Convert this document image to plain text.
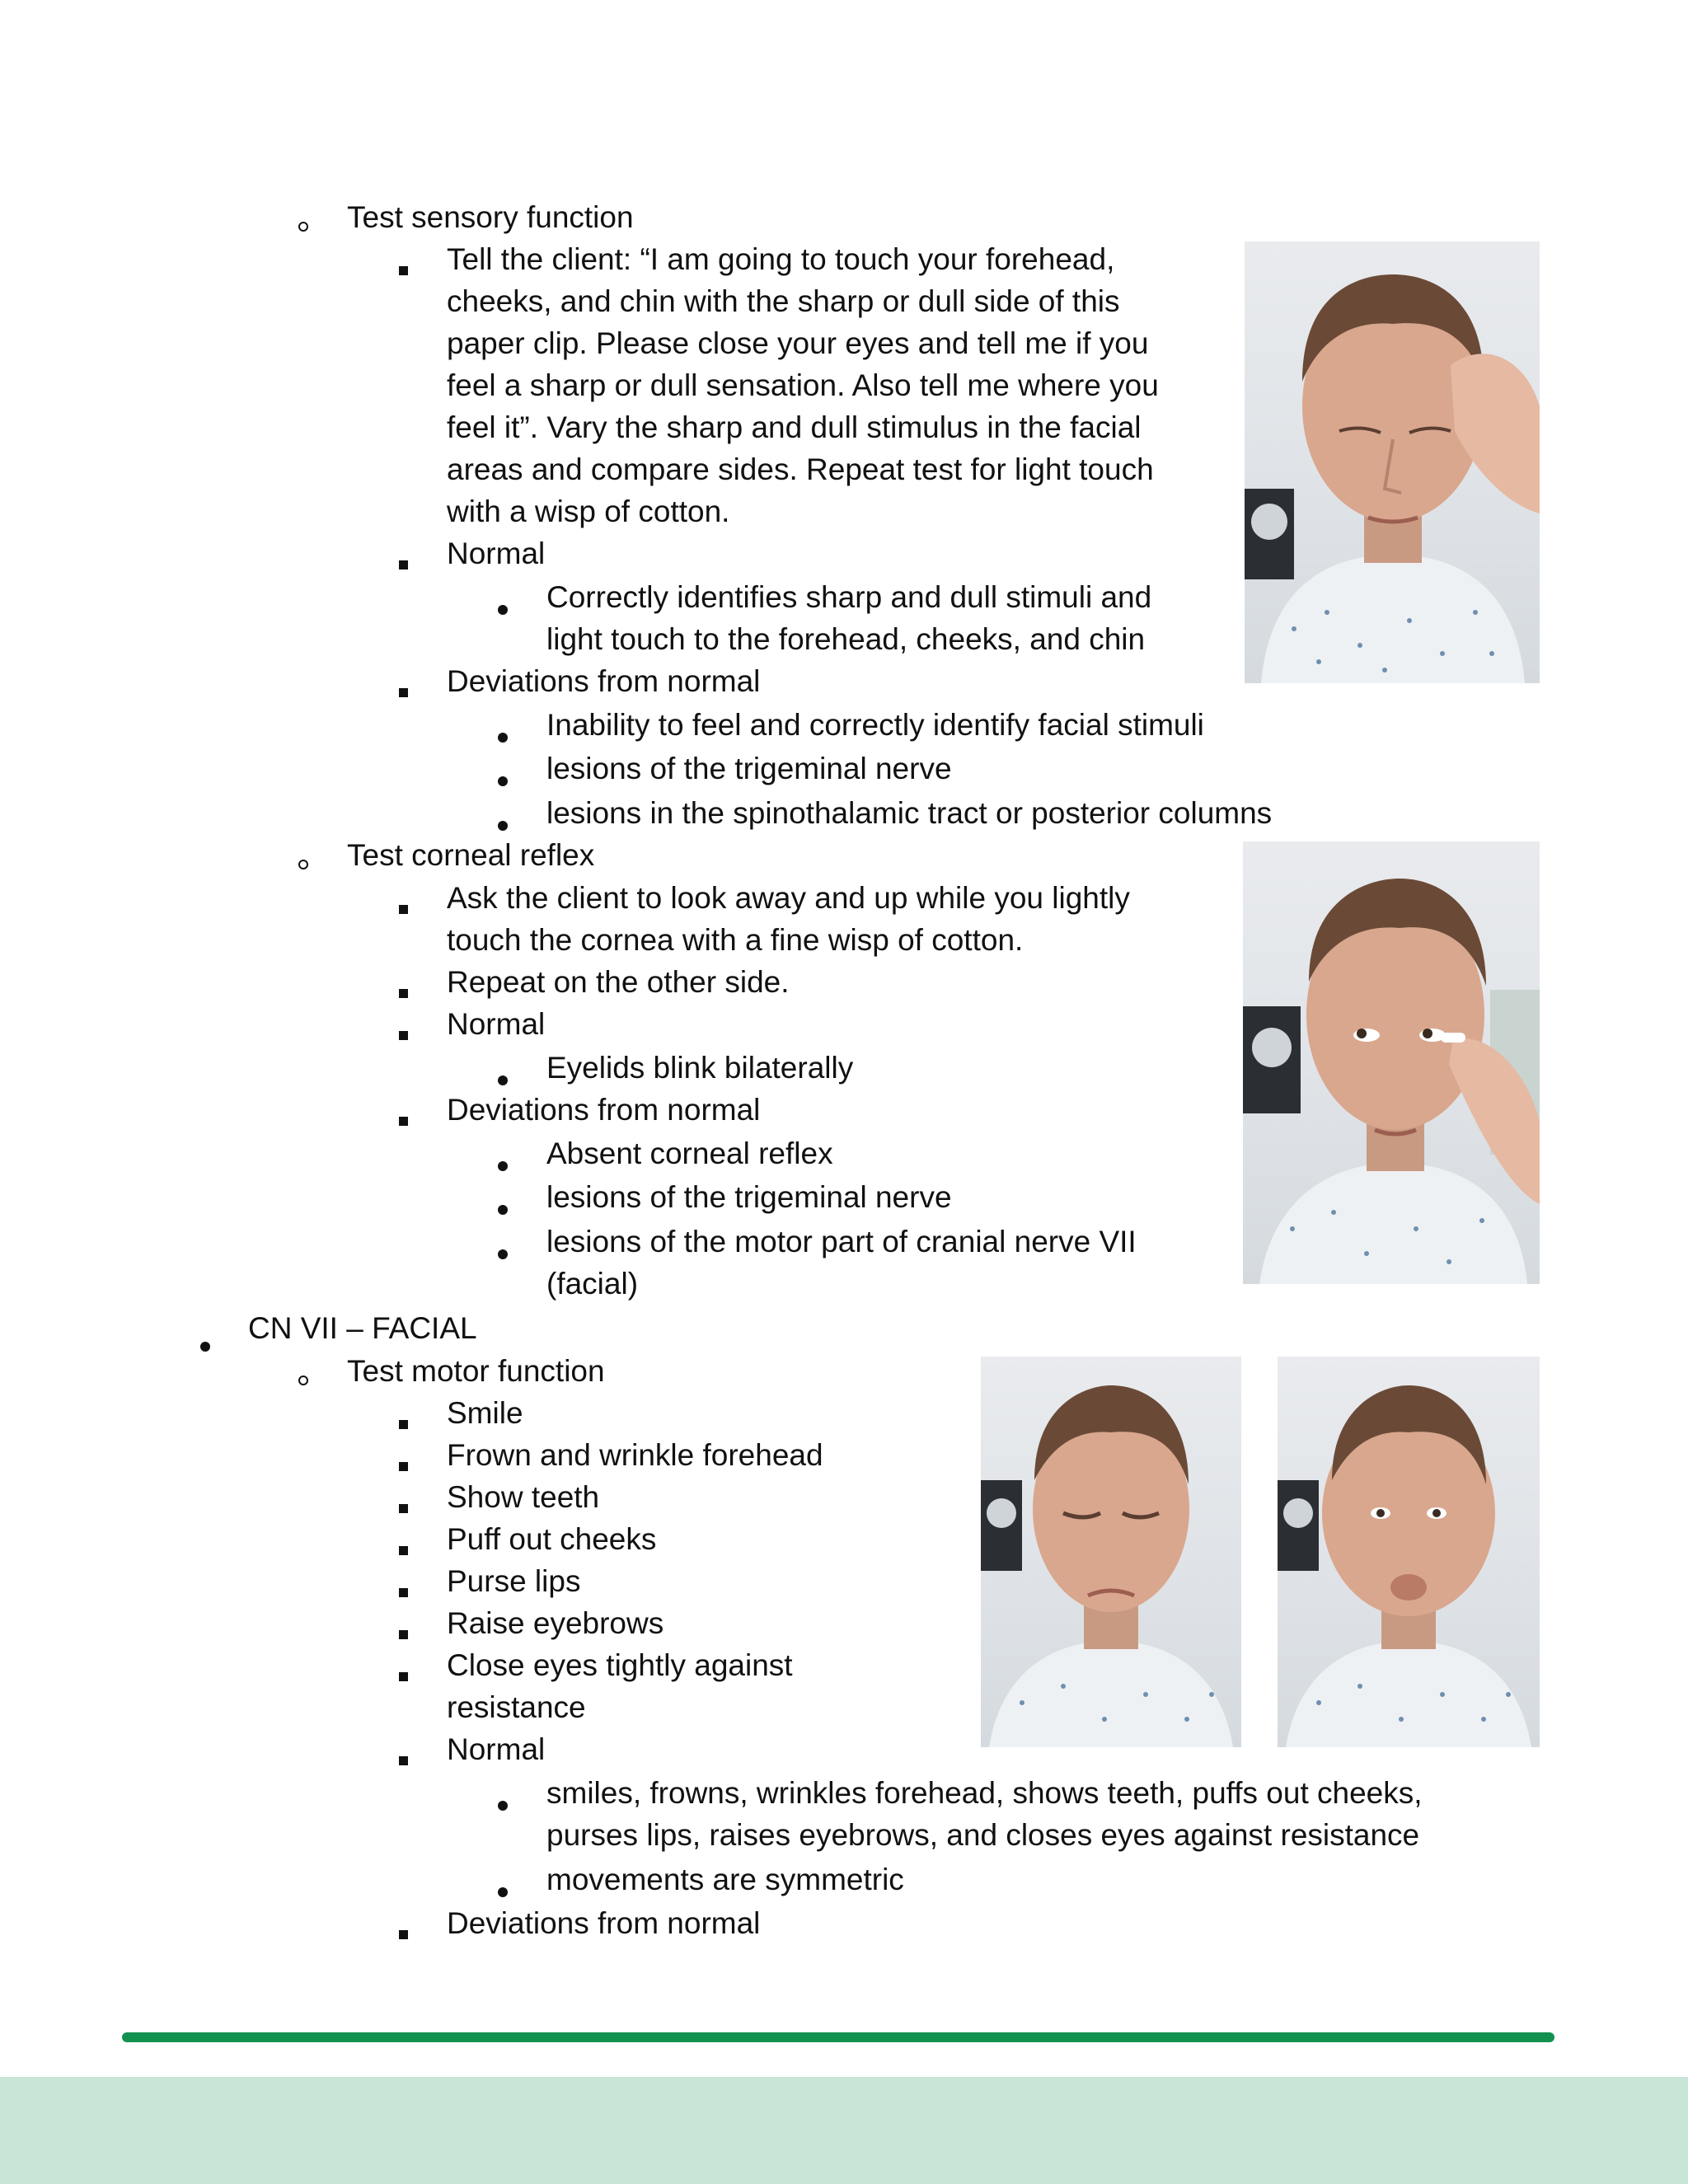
Test sensory function
Tell the client: “I am going to touch your forehead,
cheeks, and chin with the sharp or dull side of this
paper clip. Please close your eyes and tell me if you
feel a sharp or dull sensation. Also tell me where you
feel it”. Vary the sharp and dull stimulus in the facial
areas and compare sides. Repeat test for light touch
with a wisp of cotton.
Normal
Correctly identifies sharp and dull stimuli and
light touch to the forehead, cheeks, and chin
Deviations from normal
Inability to feel and correctly identify facial stimuli
lesions of the trigeminal nerve
lesions in the spinothalamic tract or posterior columns
Test corneal reflex
Ask the client to look away and up while you lightly
touch the cornea with a fine wisp of cotton.
Repeat on the other side.
Normal
Eyelids blink bilaterally
Deviations from normal
Absent corneal reflex
lesions of the trigeminal nerve
lesions of the motor part of cranial nerve VII
(facial)
CN VII – FACIAL
Test motor function
Smile
Frown and wrinkle forehead
Show teeth
Puff out cheeks
Purse lips
Raise eyebrows
Close eyes tightly against
resistance
Normal
smiles, frowns, wrinkles forehead, shows teeth, puffs out cheeks,
purses lips, raises eyebrows, and closes eyes against resistance
movements are symmetric
Deviations from normal
